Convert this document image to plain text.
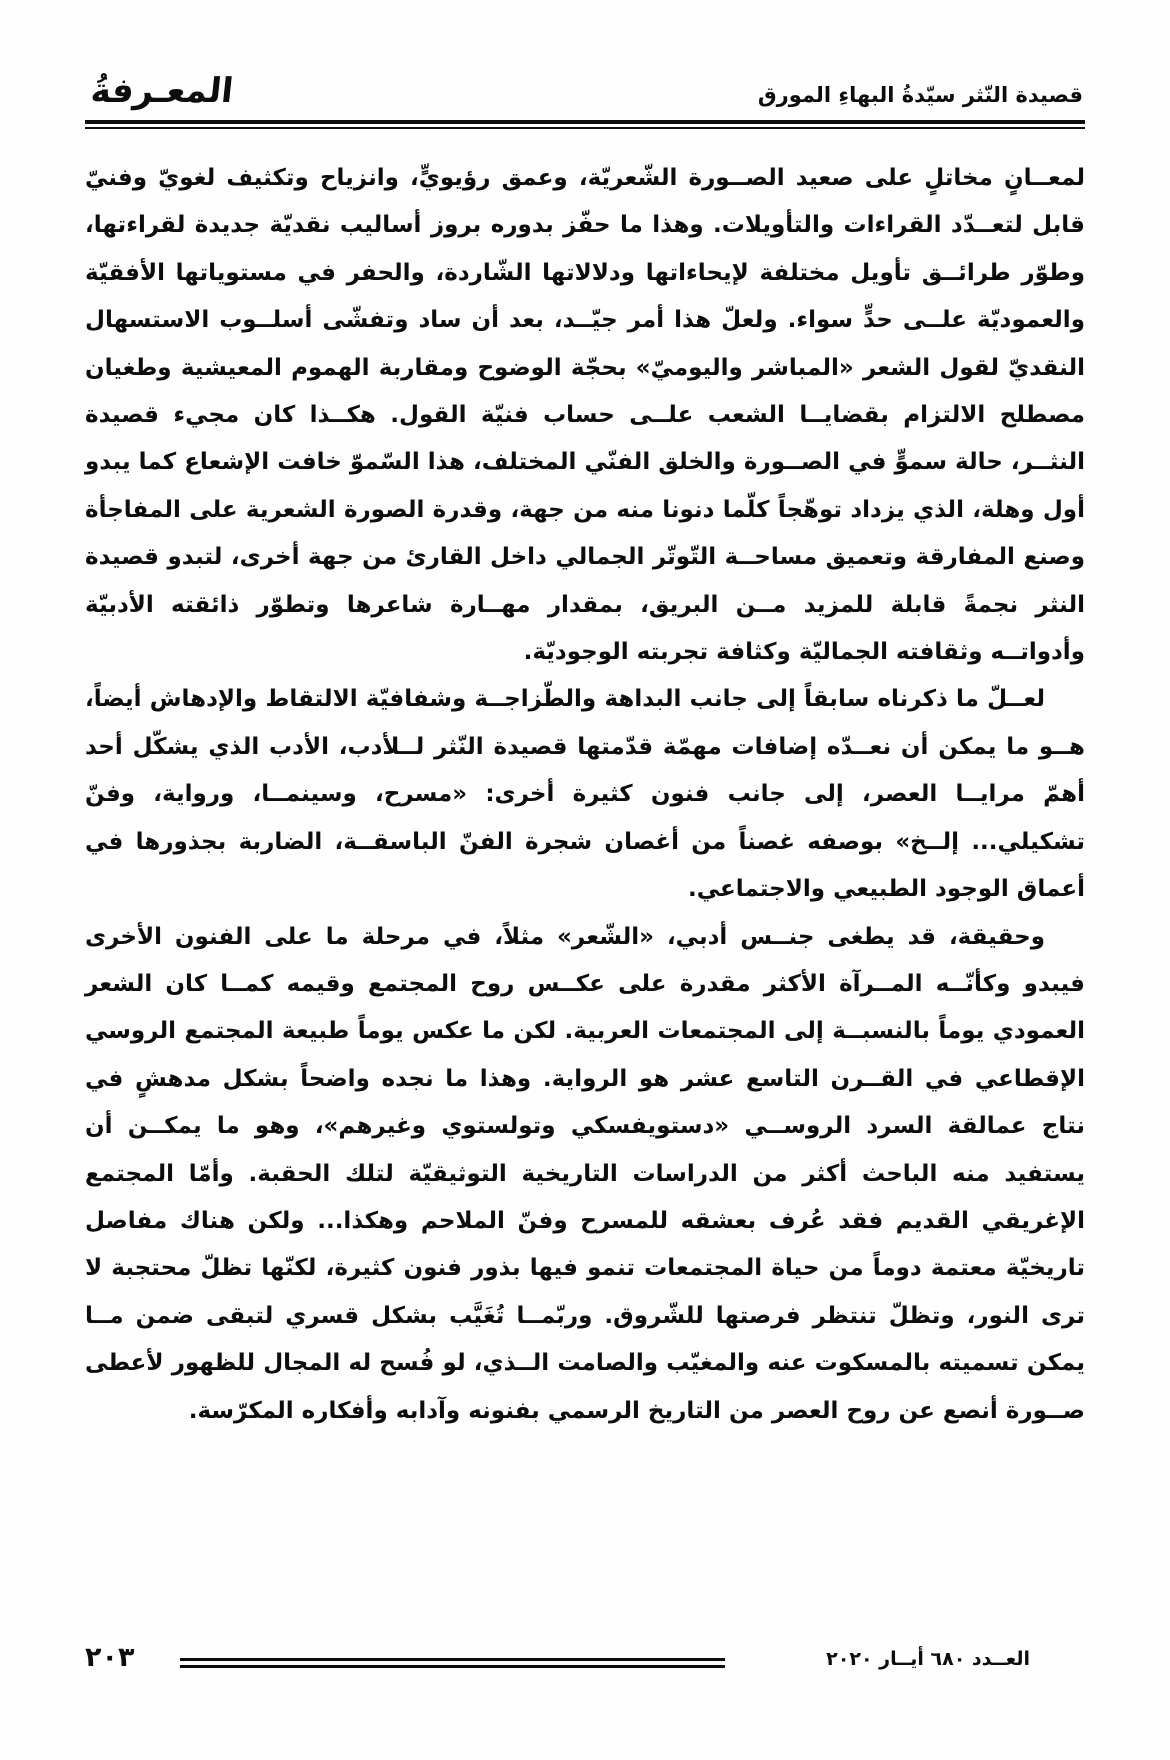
قصيدة النّثر سيّدةُ البهاءِ المورق
المعـرفةُ

لمعــانٍ مخاتلٍ على صعيد الصــورة الشّعريّة، وعمق رؤيويٍّ، وانزياح وتكثيف لغويّ وفنيّ قابل لتعــدّد القراءات والتأويلات. وهذا ما حفّز بدوره بروز أساليب نقديّة جديدة لقراءتها، وطوّر طرائــق تأويل مختلفة لإيحاءاتها ودلالاتها الشّاردة، والحفر في مستوياتها الأفقيّة والعموديّة علــى حدٍّ سواء. ولعلّ هذا أمر جيّــد، بعد أن ساد وتفشّى أسلــوب الاستسهال النقديّ لقول الشعر «المباشر واليوميّ» بحجّة الوضوح ومقاربة الهموم المعيشية وطغيان مصطلح الالتزام بقضايــا الشعب علــى حساب فنيّة القول. هكــذا كان مجيء قصيدة النثــر، حالة سموٍّ في الصــورة والخلق الفنّي المختلف، هذا السّموّ خافت الإشعاع كما يبدو أول وهلة، الذي يزداد توهّجاً كلّما دنونا منه من جهة، وقدرة الصورة الشعرية على المفاجأة وصنع المفارقة وتعميق مساحــة التّوتّر الجمالي داخل القارئ من جهة أخرى، لتبدو قصيدة النثر نجمةً قابلة للمزيد مــن البريق، بمقدار مهــارة شاعرها وتطوّر ذائقته الأدبيّة وأدواتــه وثقافته الجماليّة وكثافة تجربته الوجوديّة.

لعــلّ ما ذكرناه سابقاً إلى جانب البداهة والطّزاجــة وشفافيّة الالتقاط والإدهاش أيضاً، هــو ما يمكن أن نعــدّه إضافات مهمّة قدّمتها قصيدة النّثر لــلأدب، الأدب الذي يشكّل أحد أهمّ مرايــا العصر، إلى جانب فنون كثيرة أخرى: «مسرح، وسينمــا، ورواية، وفنّ تشكيلي... إلــخ» بوصفه غصناً من أغصان شجرة الفنّ الباسقــة، الضاربة بجذورها في أعماق الوجود الطبيعي والاجتماعي.

وحقيقة، قد يطغى جنــس أدبي، «الشّعر» مثلاً، في مرحلة ما على الفنون الأخرى فيبدو وكأنّــه المــرآة الأكثر مقدرة على عكــس روح المجتمع وقيمه كمــا كان الشعر العمودي يوماً بالنسبــة إلى المجتمعات العربية. لكن ما عكس يوماً طبيعة المجتمع الروسي الإقطاعي في القــرن التاسع عشر هو الرواية. وهذا ما نجده واضحاً بشكل مدهشٍ في نتاج عمالقة السرد الروســي «دستويفسكي وتولستوي وغيرهم»، وهو ما يمكــن أن يستفيد منه الباحث أكثر من الدراسات التاريخية التوثيقيّة لتلك الحقبة. وأمّا المجتمع الإغريقي القديم فقد عُرف بعشقه للمسرح وفنّ الملاحم وهكذا... ولكن هناك مفاصل تاريخيّة معتمة دوماً من حياة المجتمعات تنمو فيها بذور فنون كثيرة، لكنّها تظلّ محتجبة لا ترى النور، وتظلّ تنتظر فرصتها للشّروق. وربّمــا تُغَيَّب بشكل قسري لتبقى ضمن مــا يمكن تسميته بالمسكوت عنه والمغيّب والصامت الــذي، لو فُسح له المجال للظهور لأعطى صــورة أنصع عن روح العصر من التاريخ الرسمي بفنونه وآدابه وأفكاره المكرّسة.

العــدد ٦٨٠ أيــار ٢٠٢٠
٢٠٣
